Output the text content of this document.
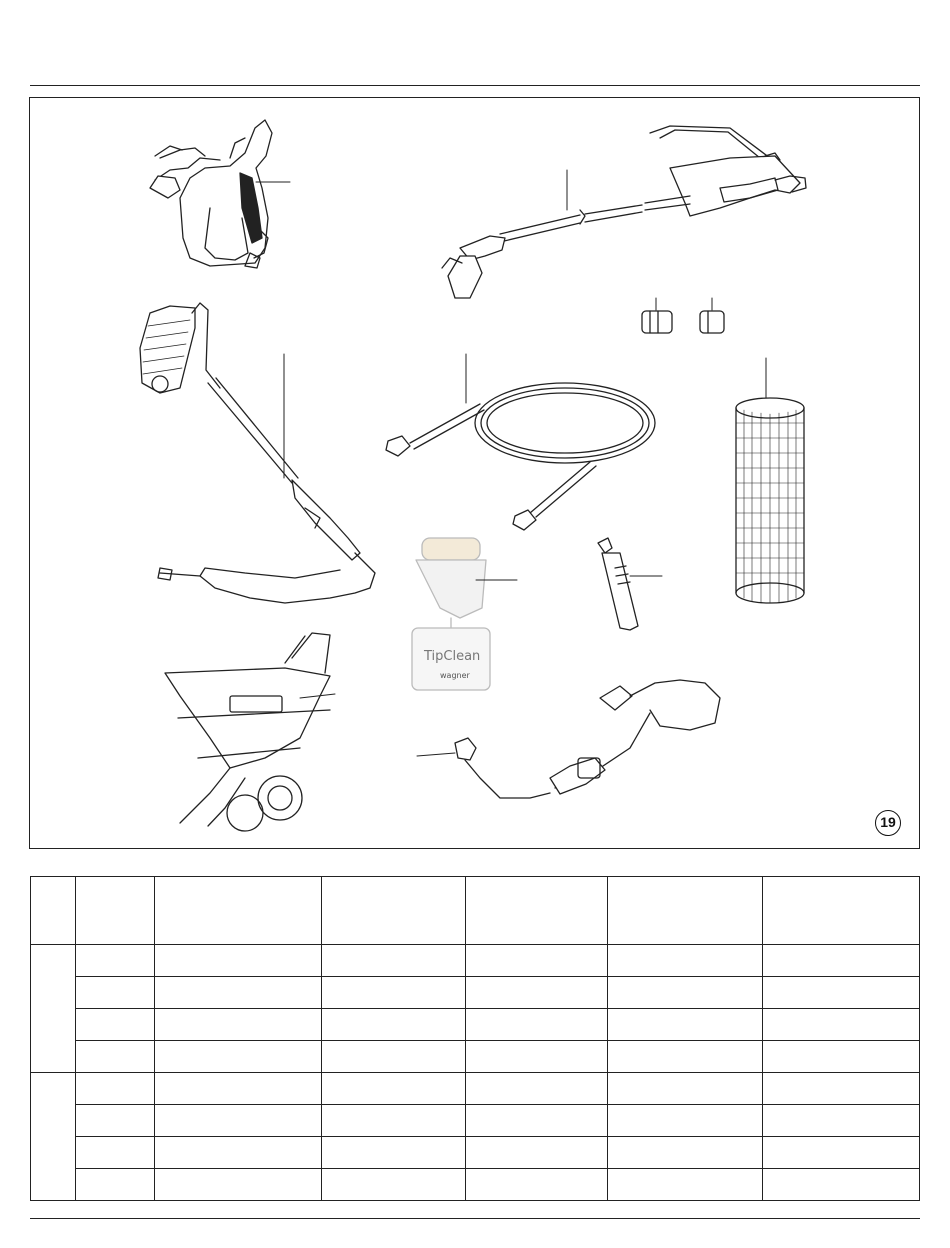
TipClean
wagner
19
